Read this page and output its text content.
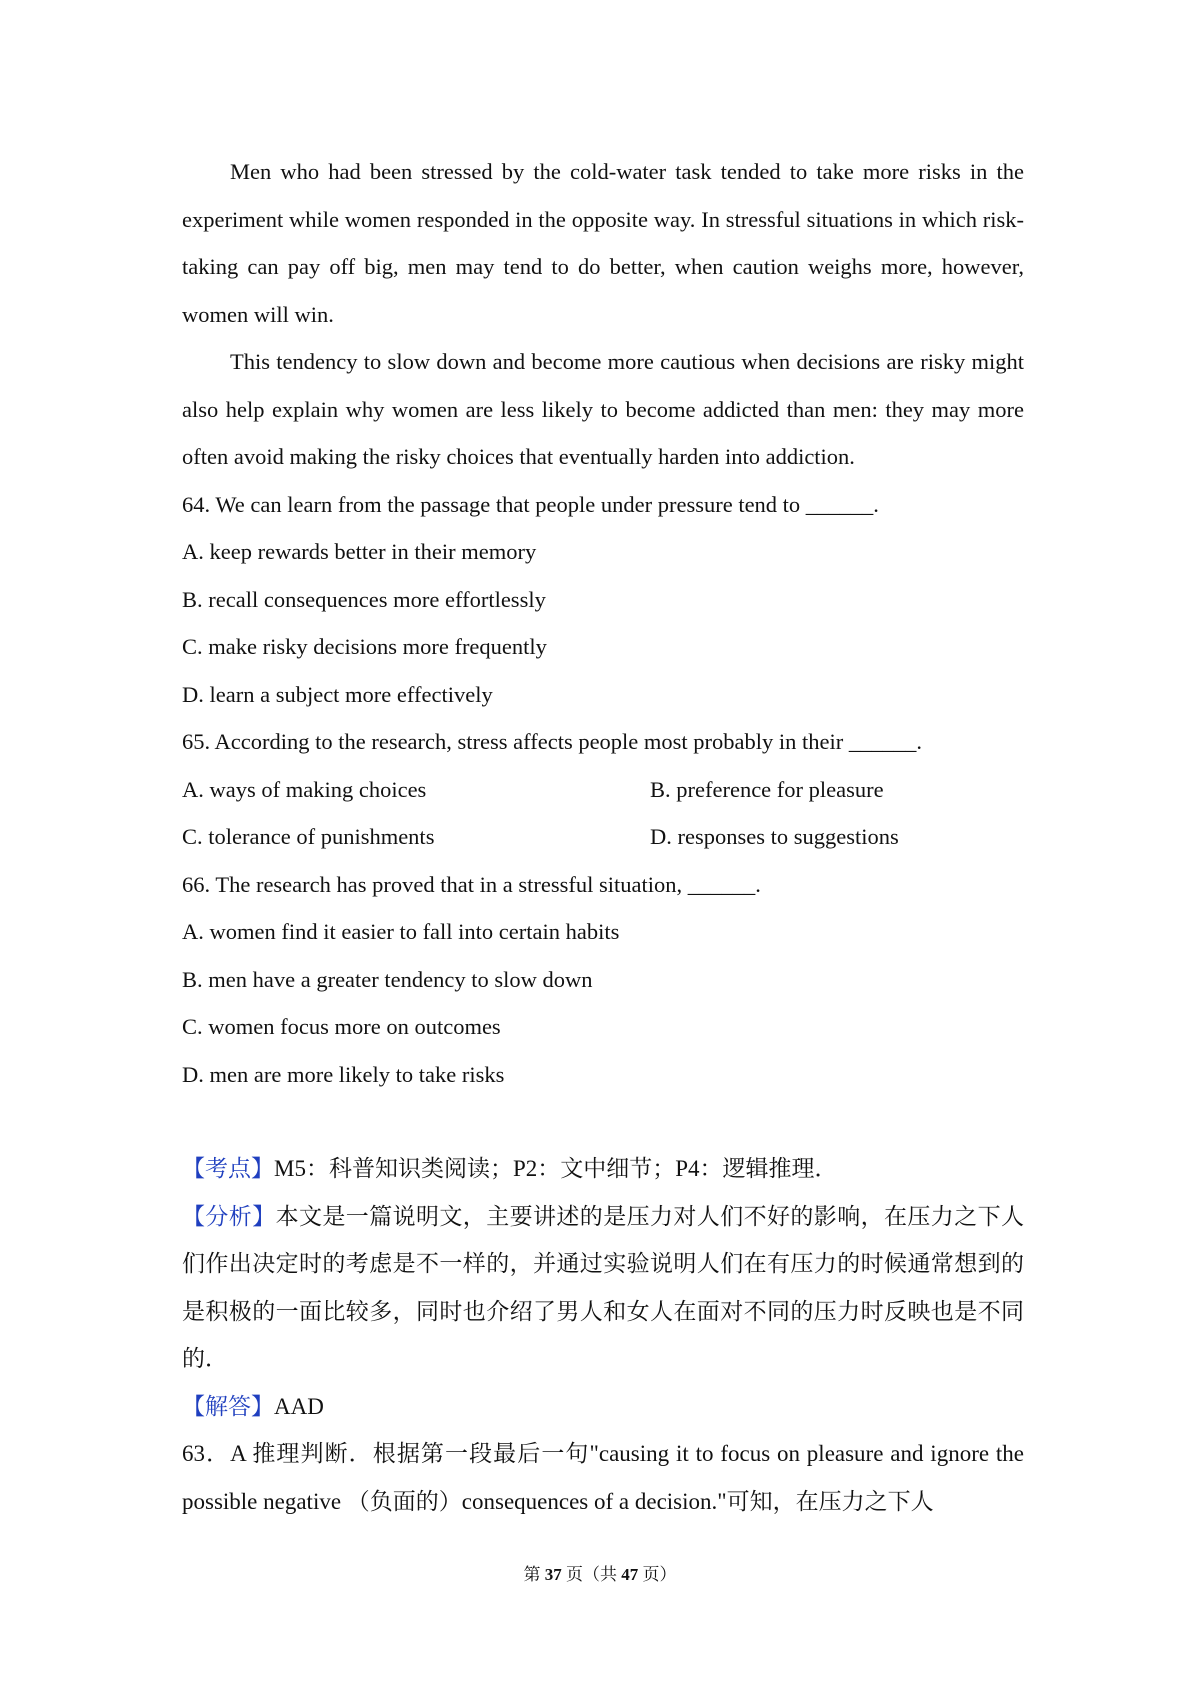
Men who had been stressed by the cold-water task tended to take more risks in the experiment while women responded in the opposite way. In stressful situations in which risk-taking can pay off big, men may tend to do better, when caution weighs more, however, women will win.

This tendency to slow down and become more cautious when decisions are risky might also help explain why women are less likely to become addicted than men: they may more often avoid making the risky choices that eventually harden into addiction.

64. We can learn from the passage that people under pressure tend to ______.

A. keep rewards better in their memory

B. recall consequences more effortlessly

C. make risky decisions more frequently

D. learn a subject more effectively

65. According to the research, stress affects people most probably in their ______.

A. ways of making choices	B. preference for pleasure
C. tolerance of punishments	D. responses to suggestions

66. The research has proved that in a stressful situation, ______.

A. women find it easier to fall into certain habits

B. men have a greater tendency to slow down

C. women focus more on outcomes

D. men are more likely to take risks

【考点】M5：科普知识类阅读；P2：文中细节；P4：逻辑推理．

【分析】本文是一篇说明文，主要讲述的是压力对人们不好的影响，在压力之下人们作出决定时的考虑是不一样的，并通过实验说明人们在有压力的时候通常想到的是积极的一面比较多，同时也介绍了男人和女人在面对不同的压力时反映也是不同的．

【解答】AAD

63．A 推理判断．根据第一段最后一句"causing it to focus on pleasure and ignore the possible negative （负面的）consequences of a decision."可知，在压力之下人

第 37 页（共 47 页）
